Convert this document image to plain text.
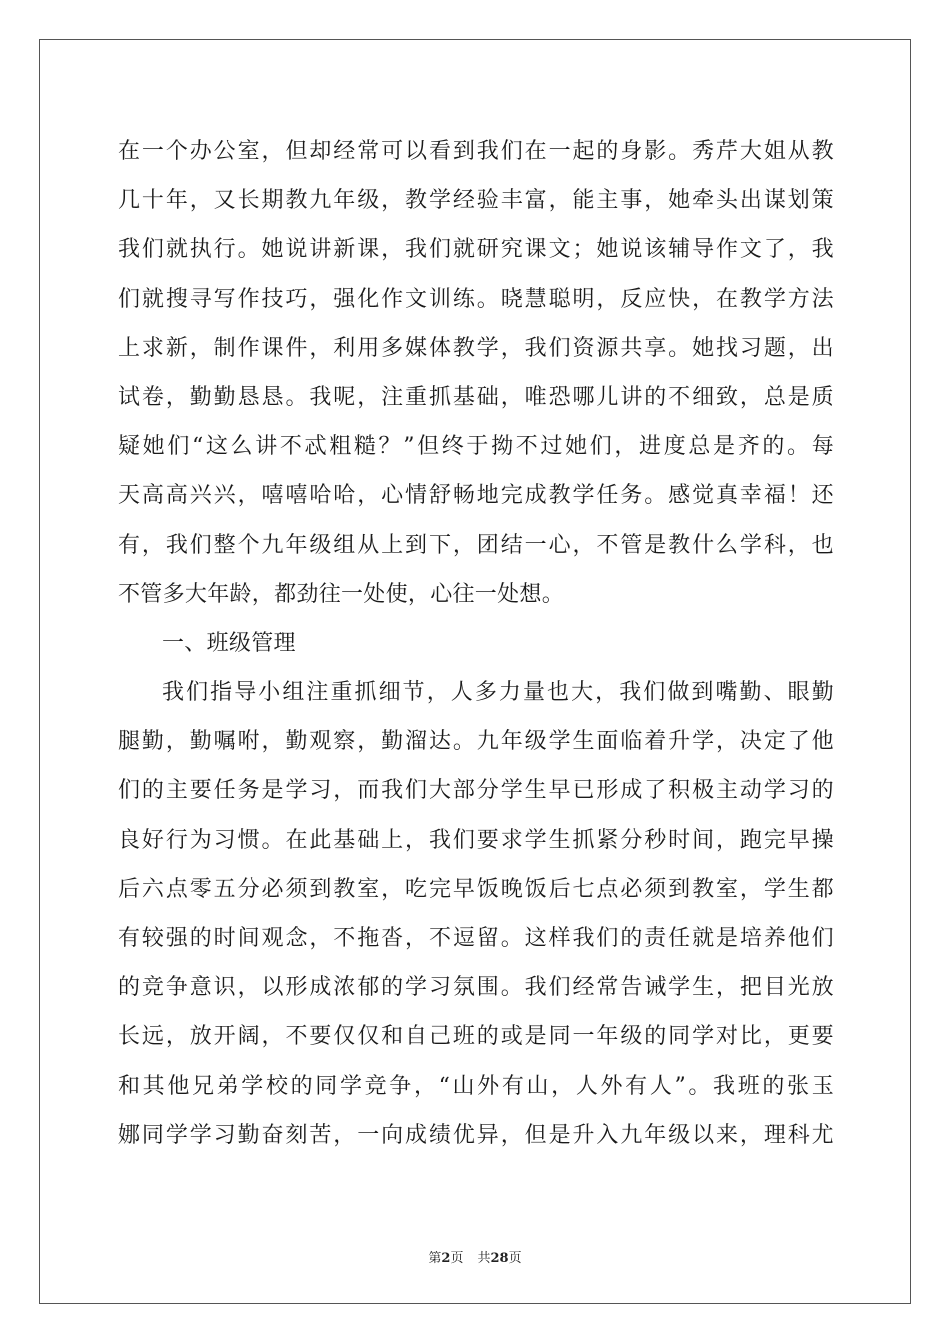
在一个办公室，但却经常可以看到我们在一起的身影。秀芹大姐从教
几十年，又长期教九年级，教学经验丰富，能主事，她牵头出谋划策
我们就执行。她说讲新课，我们就研究课文；她说该辅导作文了，我
们就搜寻写作技巧，强化作文训练。晓慧聪明，反应快，在教学方法
上求新，制作课件，利用多媒体教学，我们资源共享。她找习题，出
试卷，勤勤恳恳。我呢，注重抓基础，唯恐哪儿讲的不细致，总是质
疑她们“这么讲不忒粗糙？”但终于拗不过她们，进度总是齐的。每
天高高兴兴，嘻嘻哈哈，心情舒畅地完成教学任务。感觉真幸福！还
有，我们整个九年级组从上到下，团结一心，不管是教什么学科，也
不管多大年龄，都劲往一处使，心往一处想。
一、班级管理
我们指导小组注重抓细节，人多力量也大，我们做到嘴勤、眼勤
腿勤，勤嘱咐，勤观察，勤溜达。九年级学生面临着升学，决定了他
们的主要任务是学习，而我们大部分学生早已形成了积极主动学习的
良好行为习惯。在此基础上，我们要求学生抓紧分秒时间，跑完早操
后六点零五分必须到教室，吃完早饭晚饭后七点必须到教室，学生都
有较强的时间观念，不拖沓，不逗留。这样我们的责任就是培养他们
的竞争意识，以形成浓郁的学习氛围。我们经常告诫学生，把目光放
长远，放开阔，不要仅仅和自己班的或是同一年级的同学对比，更要
和其他兄弟学校的同学竞争，“山外有山，人外有人”。我班的张玉
娜同学学习勤奋刻苦，一向成绩优异，但是升入九年级以来，理科尤
第2页 共28页
